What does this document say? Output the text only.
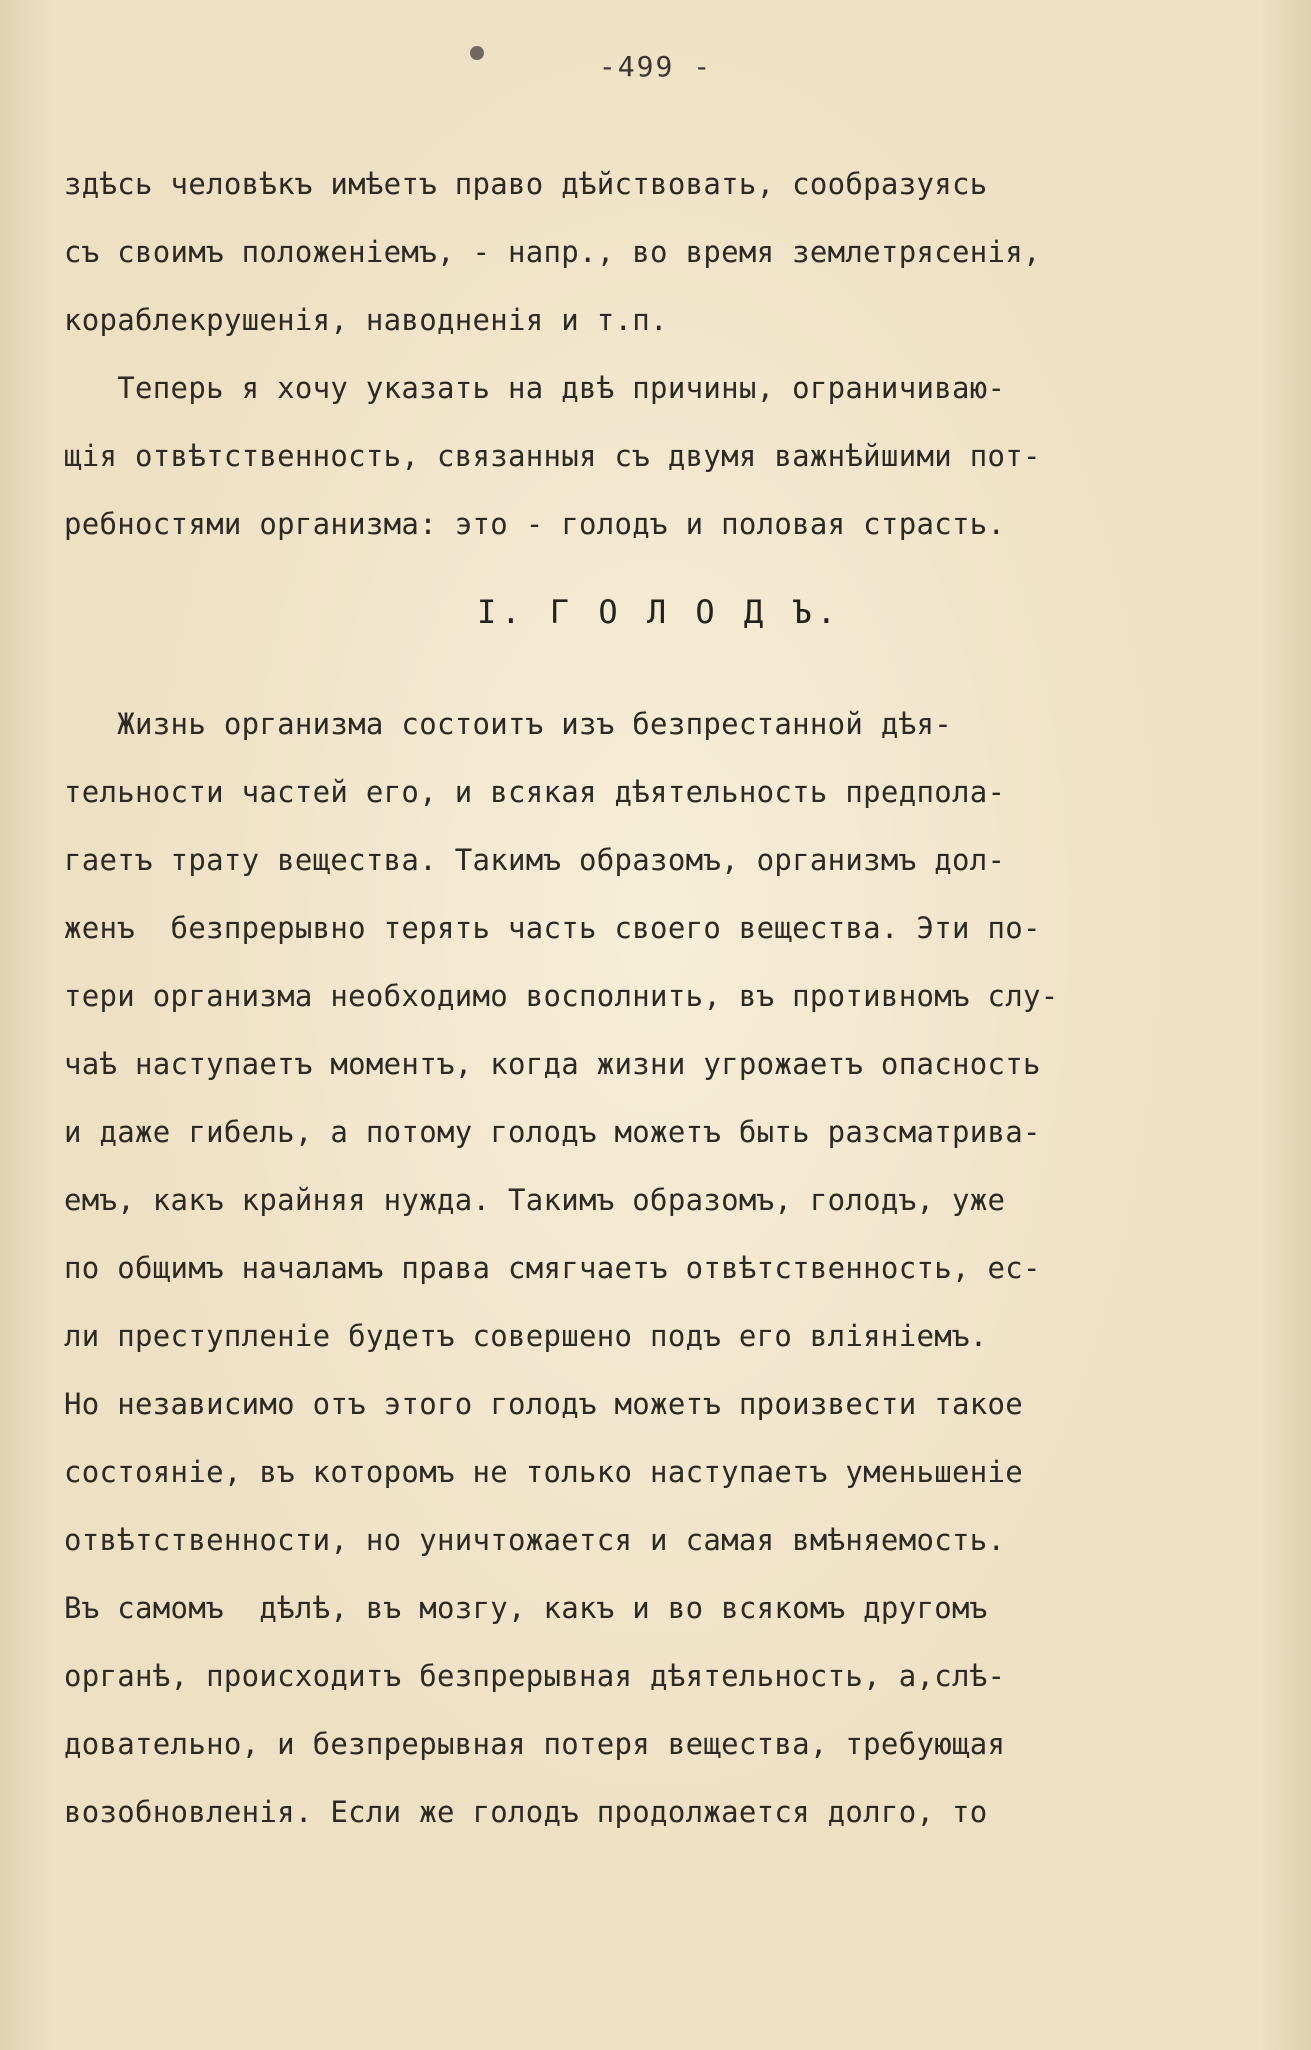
-499 -
здѣсь человѣкъ имѣетъ право дѣйствовать, сообразуясь
съ своимъ положеніемъ, - напр., во время землетрясенія,
кораблекрушенія, наводненія и т.п.
Теперь я хочу указать на двѣ причины, ограничиваю-
щія отвѣтственность, связанныя съ двумя важнѣйшими пот-
ребностями организма: это - голодъ и половая страсть.
I. Г О Л О Д Ъ.
Жизнь организма состоитъ изъ безпрестанной дѣя-
тельности частей его, и всякая дѣятельность предпола-
гаетъ трату вещества. Такимъ образомъ, организмъ дол-
женъ  безпрерывно терять часть своего вещества. Эти по-
тери организма необходимо восполнить, въ противномъ слу-
чаѣ наступаетъ моментъ, когда жизни угрожаетъ опасность
и даже гибель, а потому голодъ можетъ быть разсматрива-
емъ, какъ крайняя нужда. Такимъ образомъ, голодъ, уже
по общимъ началамъ права смягчаетъ отвѣтственность, ес-
ли преступленіе будетъ совершено подъ его вліяніемъ.
Но независимо отъ этого голодъ можетъ произвести такое
состояніе, въ которомъ не только наступаетъ уменьшеніе
отвѣтственности, но уничтожается и самая вмѣняемость.
Въ самомъ  дѣлѣ, въ мозгу, какъ и во всякомъ другомъ
органѣ, происходитъ безпрерывная дѣятельность, а,слѣ-
довательно, и безпрерывная потеря вещества, требующая
возобновленія. Если же голодъ продолжается долго, то
